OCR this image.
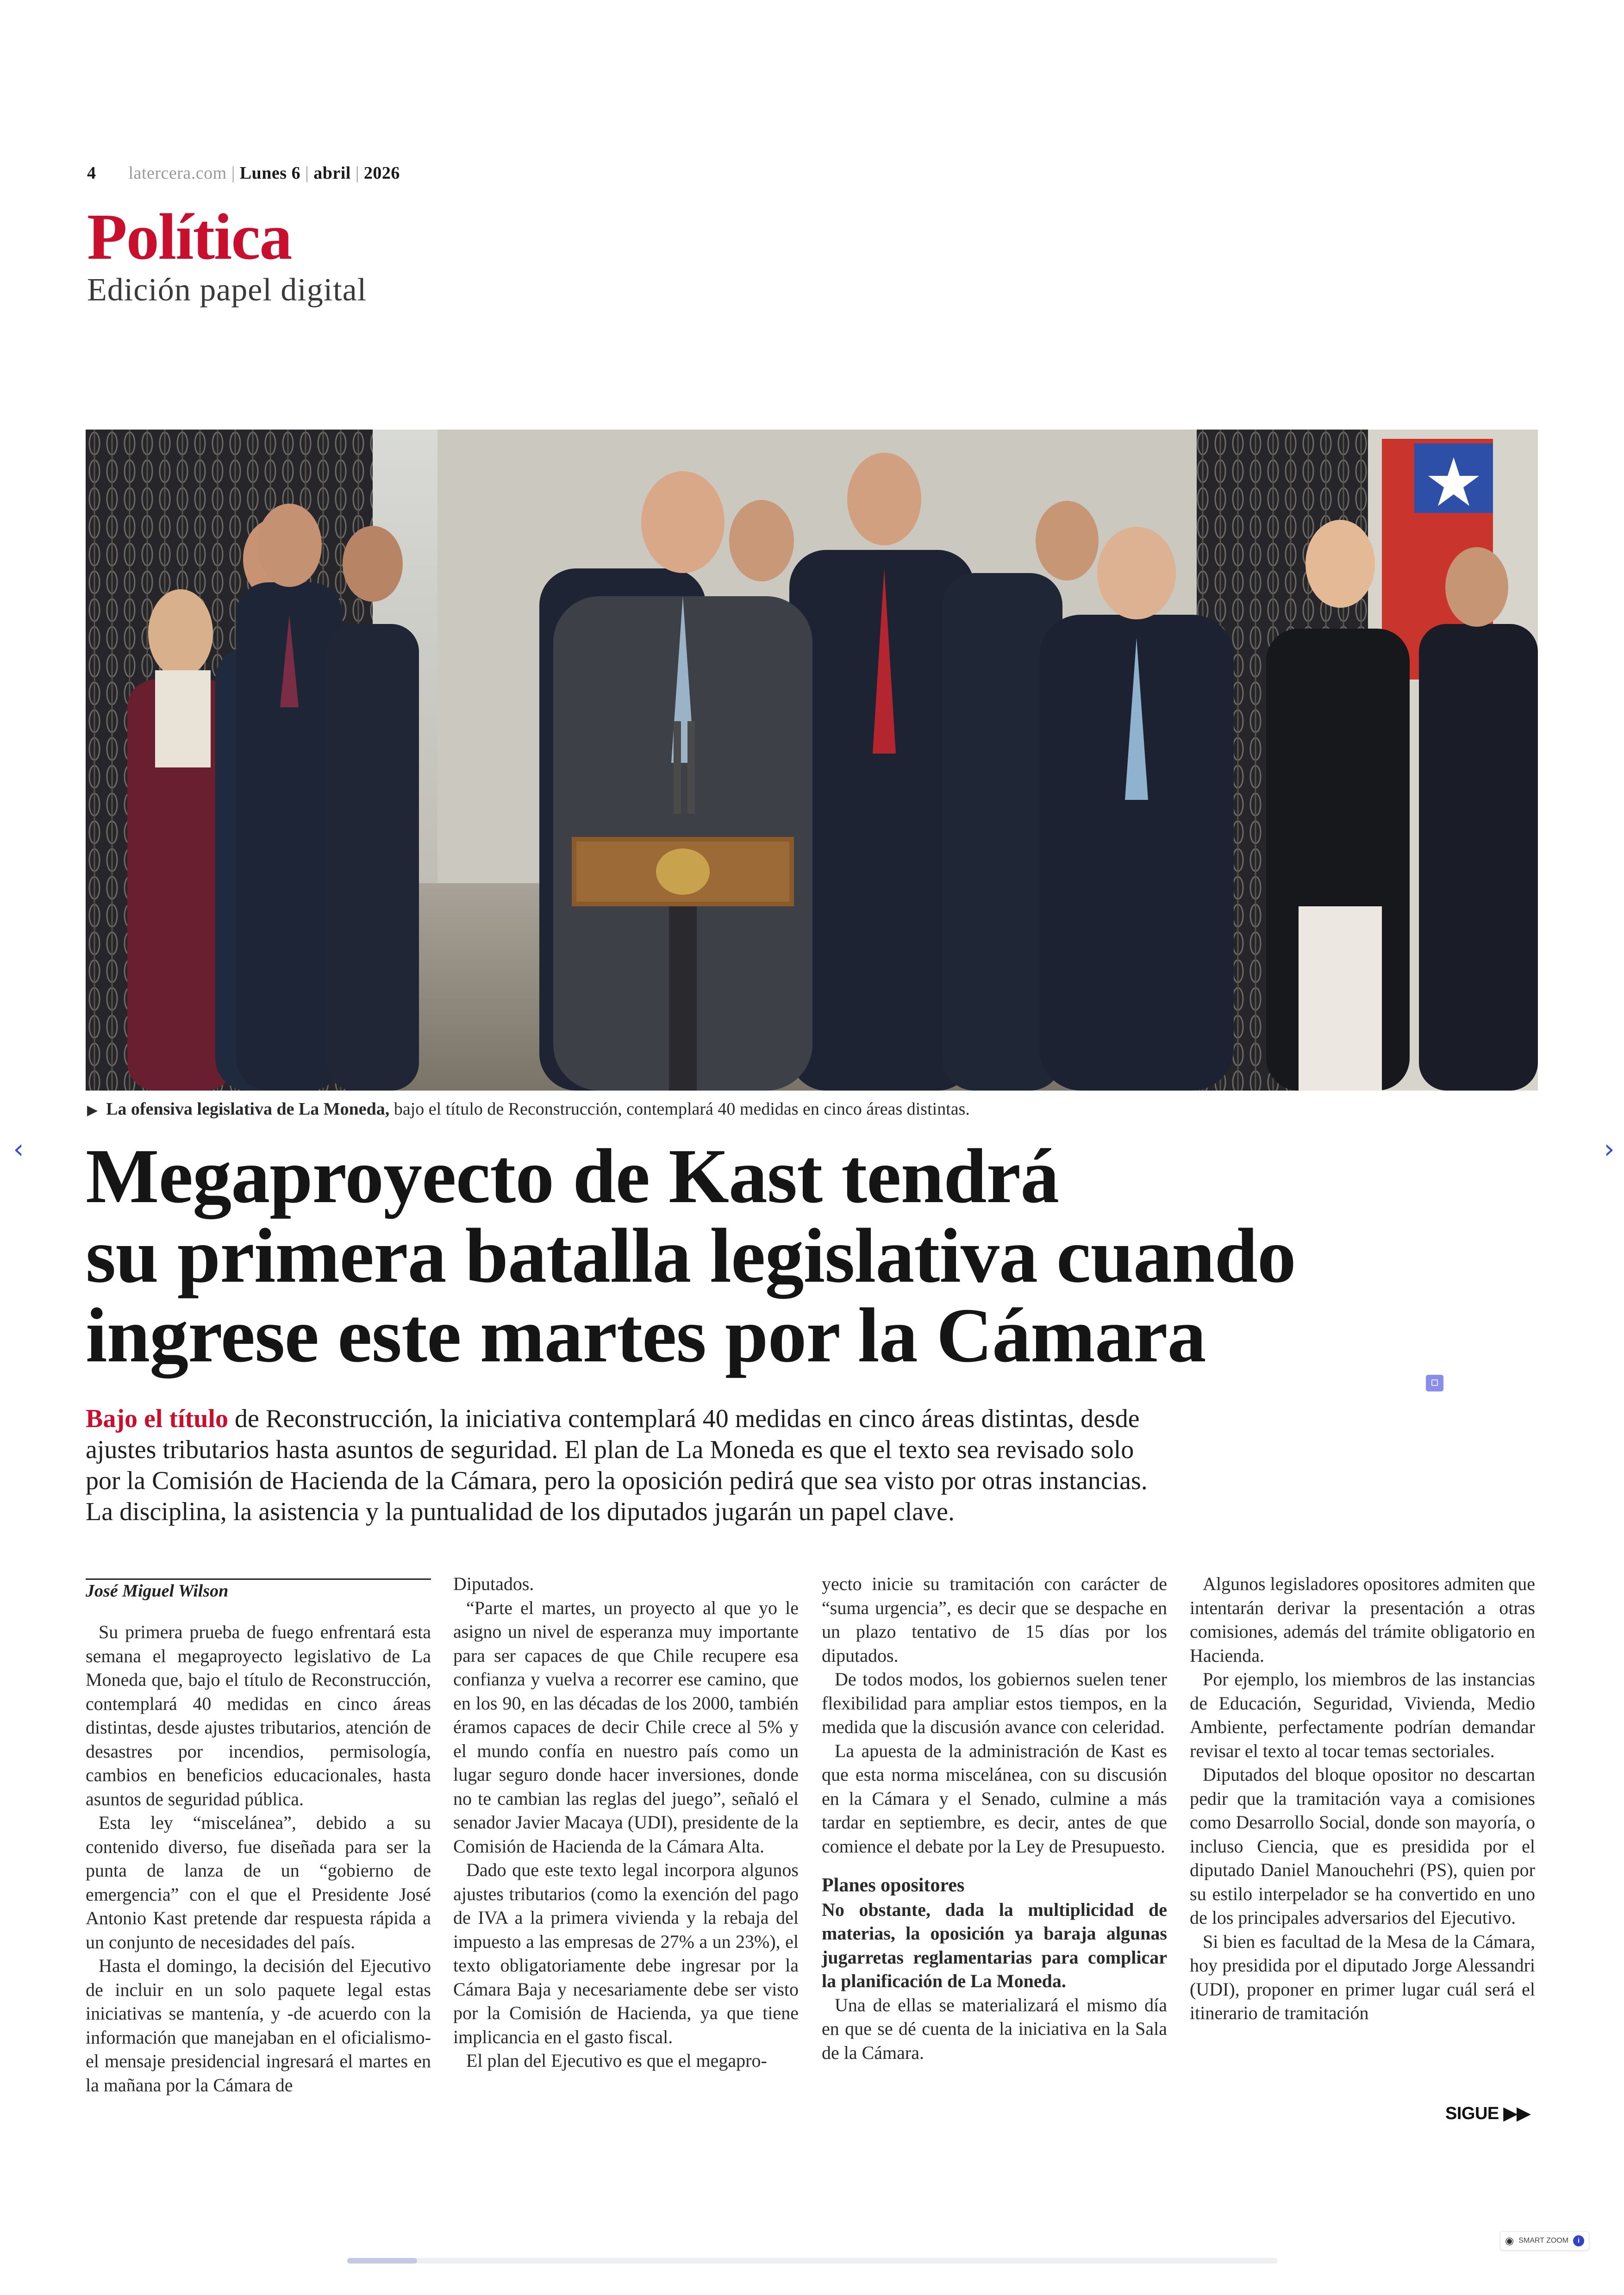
4 latercera.com | Lunes 6 | abril | 2026
Política
Edición papel digital
▶ La ofensiva legislativa de La Moneda, bajo el título de Reconstrucción, contemplará 40 medidas en cinco áreas distintas.
‹	›
Megaproyecto de Kast tendrá
su primera batalla legislativa cuando
ingrese este martes por la Cámara
Bajo el título de Reconstrucción, la iniciativa contemplará 40 medidas en cinco áreas distintas, desde
ajustes tributarios hasta asuntos de seguridad. El plan de La Moneda es que el texto sea revisado solo
por la Comisión de Hacienda de la Cámara, pero la oposición pedirá que sea visto por otras instancias.
La disciplina, la asistencia y la puntualidad de los diputados jugarán un papel clave.
José Miguel Wilson

Su primera prueba de fuego enfrentará esta semana el megaproyecto legislativo de La Moneda que, bajo el título de Reconstrucción, contemplará 40 medidas en cinco áreas distintas, desde ajustes tributarios, atención de desastres por incendios, permisología, cambios en beneficios educacionales, hasta asuntos de seguridad pública.

Esta ley “miscelánea”, debido a su contenido diverso, fue diseñada para ser la punta de lanza de un “gobierno de emergencia” con el que el Presidente José Antonio Kast pretende dar respuesta rápida a un conjunto de necesidades del país.

Hasta el domingo, la decisión del Ejecutivo de incluir en un solo paquete legal estas iniciativas se mantenía, y -de acuerdo con la información que manejaban en el oficialismo- el mensaje presidencial ingresará el martes en la mañana por la Cámara de

Diputados.

“Parte el martes, un proyecto al que yo le asigno un nivel de esperanza muy importante para ser capaces de que Chile recupere esa confianza y vuelva a recorrer ese camino, que en los 90, en las décadas de los 2000, también éramos capaces de decir Chile crece al 5% y el mundo confía en nuestro país como un lugar seguro donde hacer inversiones, donde no te cambian las reglas del juego”, señaló el senador Javier Macaya (UDI), presidente de la Comisión de Hacienda de la Cámara Alta.

Dado que este texto legal incorpora algunos ajustes tributarios (como la exención del pago de IVA a la primera vivienda y la rebaja del impuesto a las empresas de 27% a un 23%), el texto obligatoriamente debe ingresar por la Cámara Baja y necesariamente debe ser visto por la Comisión de Hacienda, ya que tiene implicancia en el gasto fiscal.

El plan del Ejecutivo es que el megapro-

yecto inicie su tramitación con carácter de “suma urgencia”, es decir que se despache en un plazo tentativo de 15 días por los diputados.

De todos modos, los gobiernos suelen tener flexibilidad para ampliar estos tiempos, en la medida que la discusión avance con celeridad.

La apuesta de la administración de Kast es que esta norma miscelánea, con su discusión en la Cámara y el Senado, culmine a más tardar en septiembre, es decir, antes de que comience el debate por la Ley de Presupuesto.

Planes opositores

No obstante, dada la multiplicidad de materias, la oposición ya baraja algunas jugarretas reglamentarias para complicar la planificación de La Moneda.

Una de ellas se materializará el mismo día en que se dé cuenta de la iniciativa en la Sala de la Cámara.

Algunos legisladores opositores admiten que intentarán derivar la presentación a otras comisiones, además del trámite obligatorio en Hacienda.

Por ejemplo, los miembros de las instancias de Educación, Seguridad, Vivienda, Medio Ambiente, perfectamente podrían demandar revisar el texto al tocar temas sectoriales.

Diputados del bloque opositor no descartan pedir que la tramitación vaya a comisiones como Desarrollo Social, donde son mayoría, o incluso Ciencia, que es presidida por el diputado Daniel Manouchehri (PS), quien por su estilo interpelador se ha convertido en uno de los principales adversarios del Ejecutivo.

Si bien es facultad de la Mesa de la Cámara, hoy presidida por el diputado Jorge Alessandri (UDI), proponer en primer lugar cuál será el itinerario de tramitación

SIGUE ▶▶
◉ SMART ZOOM	i
